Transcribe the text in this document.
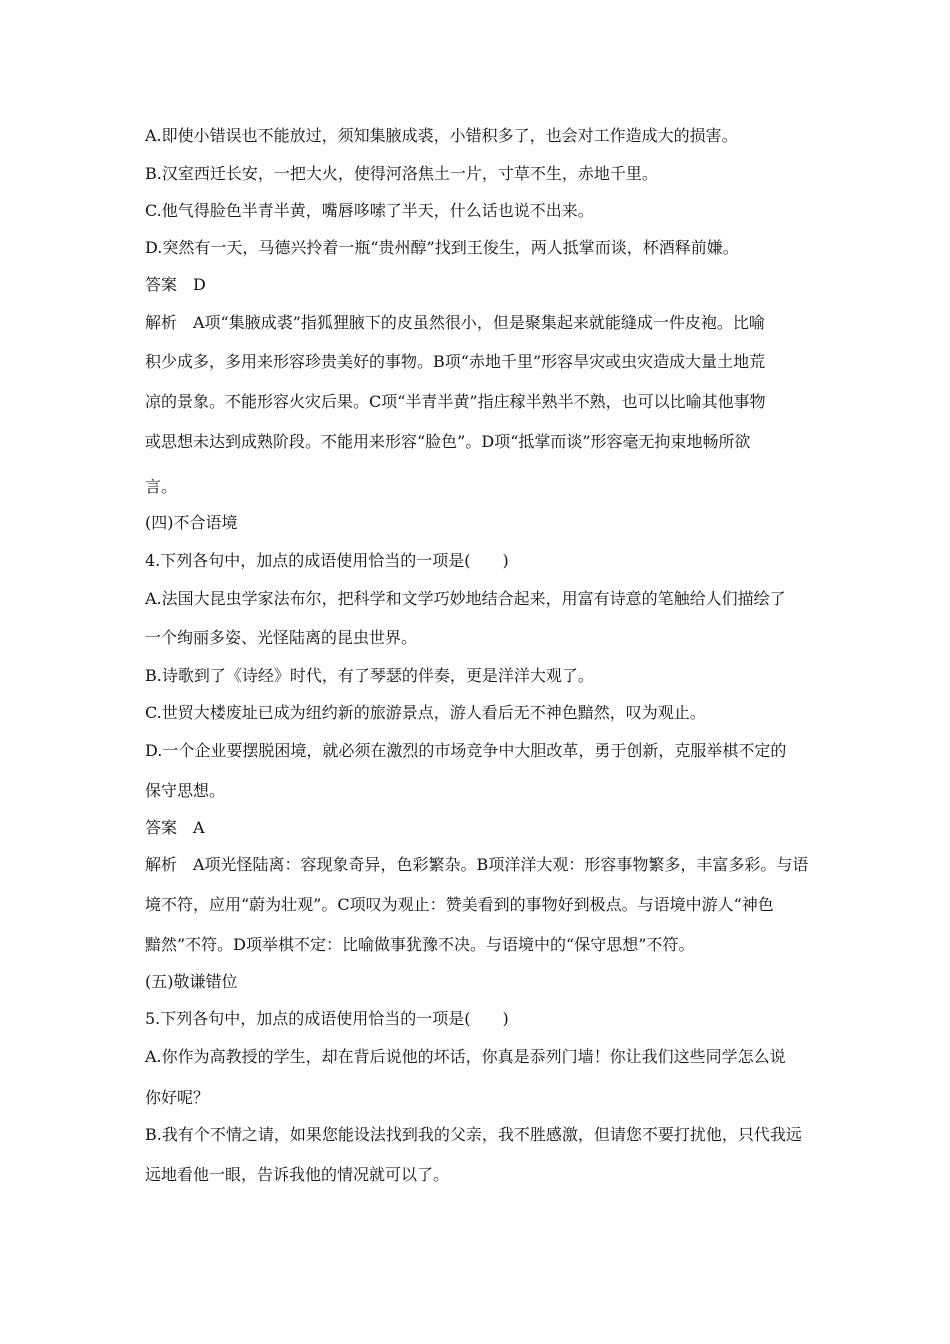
A.即使小错误也不能放过，须知集腋成裘，小错积多了，也会对工作造成大的损害。
B.汉室西迁长安，一把大火，使得河洛焦土一片，寸草不生，赤地千里。
C.他气得脸色半青半黄，嘴唇哆嗦了半天，什么话也说不出来。
D.突然有一天，马德兴拎着一瓶“贵州醇”找到王俊生，两人抵掌而谈，杯酒释前嫌。
答案　D
解析　A项“集腋成裘”指狐狸腋下的皮虽然很小，但是聚集起来就能缝成一件皮袍。比喻
积少成多，多用来形容珍贵美好的事物。B项“赤地千里”形容旱灾或虫灾造成大量土地荒
凉的景象。不能形容火灾后果。C项“半青半黄”指庄稼半熟半不熟，也可以比喻其他事物
或思想未达到成熟阶段。不能用来形容“脸色”。D项“抵掌而谈”形容毫无拘束地畅所欲
言。
(四)不合语境
4.下列各句中，加点的成语使用恰当的一项是(　　)
A.法国大昆虫学家法布尔，把科学和文学巧妙地结合起来，用富有诗意的笔触给人们描绘了
一个绚丽多姿、光怪陆离的昆虫世界。
B.诗歌到了《诗经》时代，有了琴瑟的伴奏，更是洋洋大观了。
C.世贸大楼废址已成为纽约新的旅游景点，游人看后无不神色黯然，叹为观止。
D.一个企业要摆脱困境，就必须在激烈的市场竞争中大胆改革，勇于创新，克服举棋不定的
保守思想。
答案　A
解析　A项光怪陆离：容现象奇异，色彩繁杂。B项洋洋大观：形容事物繁多，丰富多彩。与语
境不符，应用“蔚为壮观”。C项叹为观止：赞美看到的事物好到极点。与语境中游人“神色
黯然”不符。D项举棋不定：比喻做事犹豫不决。与语境中的“保守思想”不符。
(五)敬谦错位
5.下列各句中，加点的成语使用恰当的一项是(　　)
A.你作为高教授的学生，却在背后说他的坏话，你真是忝列门墙！你让我们这些同学怎么说
你好呢？
B.我有个不情之请，如果您能设法找到我的父亲，我不胜感激，但请您不要打扰他，只代我远
远地看他一眼，告诉我他的情况就可以了。
